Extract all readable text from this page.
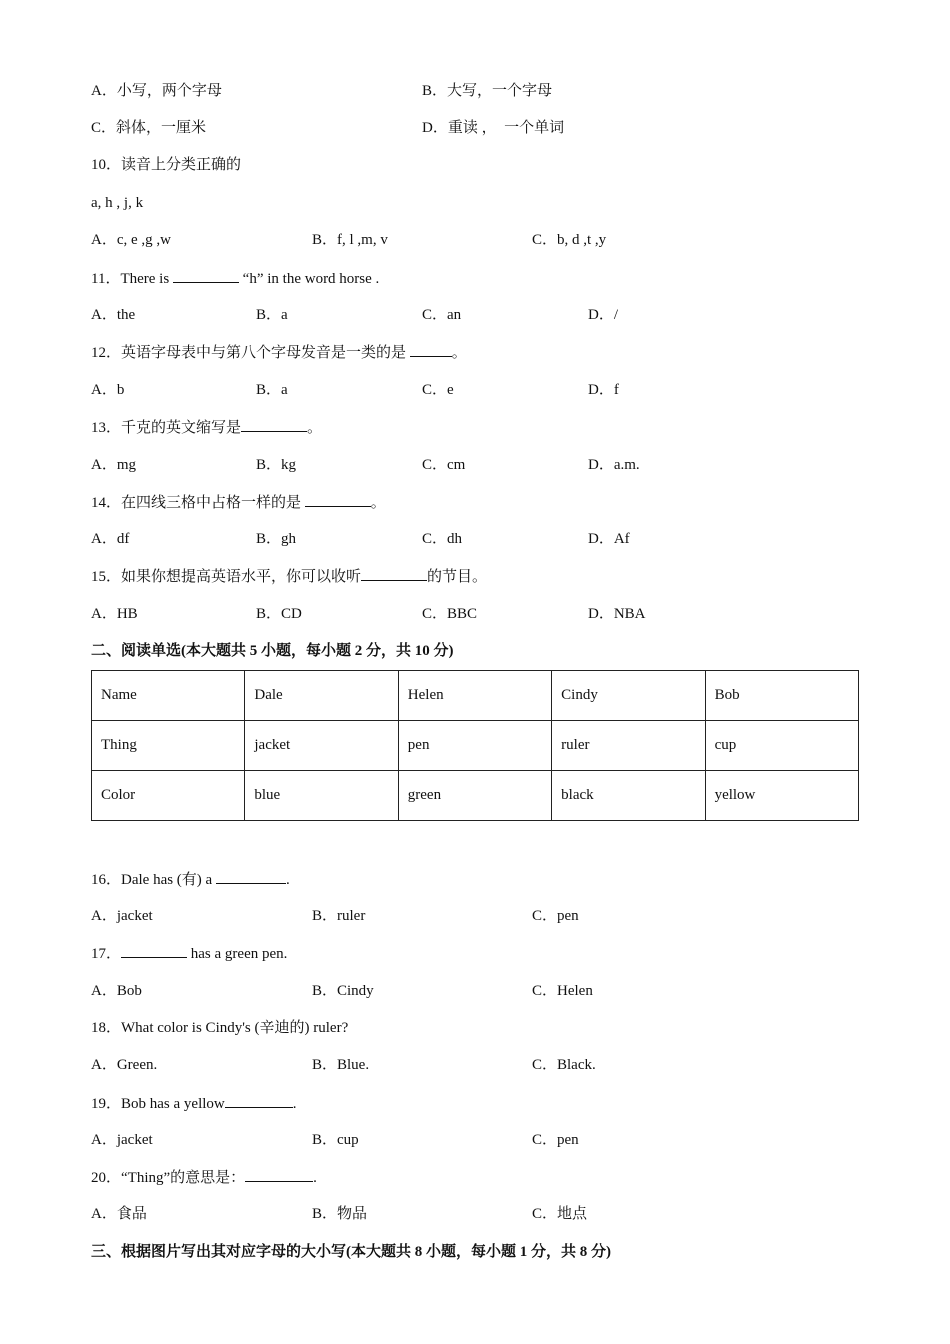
A．小写，两个字母	B．大写，一个字母
C．斜体，一厘米	D．重读 ，  一个单词
10．读音上分类正确的
a, h , j, k
A．c, e ,g ,w	B．f, l ,m, v	C．b, d ,t ,y
11．There is	“h” in the word horse .
A．the	B．a	C．an	D．/
12．英语字母表中与第八个字母发音是一类的是	。
A．b	B．a	C．e	D．f
13．千克的英文缩写是	。
A．mg	B．kg	C．cm	D．a.m.
14．在四线三格中占格一样的是	。
A．df	B．gh	C．dh	D．Af
15．如果你想提高英语水平，你可以收听	的节目。
A．HB	B．CD	C．BBC	D．NBA
二、阅读单选(本大题共 5 小题，每小题 2 分，共 10 分)
Name	Dale	Helen	Cindy	Bob
Thing	jacket	pen	ruler	cup
Color	blue	green	black	yellow
16．Dale has (有) a	.
A．jacket	B．ruler	C．pen
17．	has a green pen.
A．Bob	B．Cindy	C．Helen
18．What color is Cindy's (辛迪的) ruler?
A．Green.	B．Blue.	C．Black.
19．Bob has a yellow	.
A．jacket	B．cup	C．pen
20．“Thing”的意思是：	.
A．食品	B．物品	C．地点
三、根据图片写出其对应字母的大小写(本大题共 8 小题，每小题 1 分，共 8 分)
